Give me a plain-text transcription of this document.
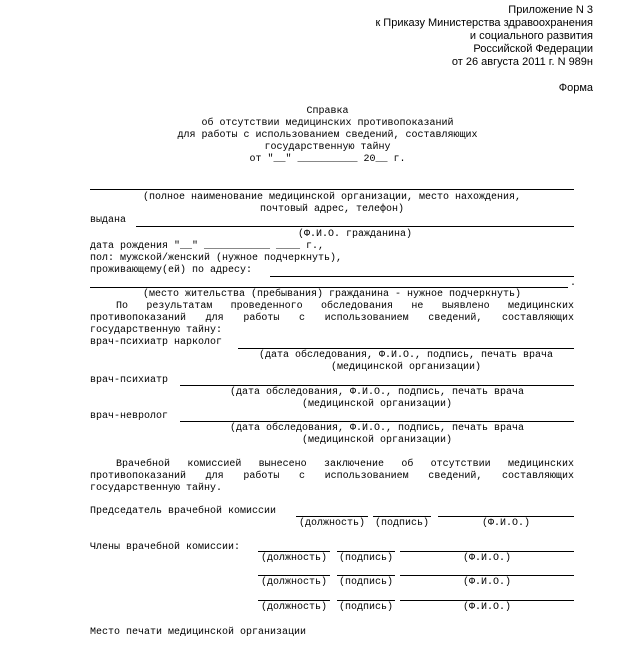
Приложение N 3
к Приказу Министерства здравоохранения
и социального развития
Российской Федерации
от 26 августа 2011 г. N 989н
Форма
Справка
об отсутствии медицинских противопоказаний
для работы с использованием сведений, составляющих
государственную тайну
от "__" __________ 20__ г.
(полное наименование медицинской организации, место нахождения,
почтовый адрес, телефон)
выдана
(Ф.И.О. гражданина)
дата рождения "__" ___________ ____ г.,
пол: мужской/женский (нужное подчеркнуть),
проживающему(ей) по адресу:
.
(место жительства (пребывания) гражданина - нужное подчеркнуть)
По результатам проведенного обследования не выявлено медицинских
противопоказаний для работы с использованием сведений, составляющих
государственную тайну:
врач-психиатр нарколог
(дата обследования, Ф.И.О., подпись, печать врача
(медицинской организации)
врач-психиатр
(дата обследования, Ф.И.О., подпись, печать врача
(медицинской организации)
врач-невролог
(дата обследования, Ф.И.О., подпись, печать врача
(медицинской организации)
Врачебной комиссией вынесено заключение об отсутствии медицинских
противопоказаний для работы с использованием сведений, составляющих
государственную тайну.
Председатель врачебной комиссии
(должность) (подпись)	(Ф.И.О.)
Члены врачебной комиссии:
(должность)	(подпись)	(Ф.И.О.)
(должность)	(подпись)	(Ф.И.О.)
(должность)	(подпись)	(Ф.И.О.)
Место печати медицинской организации
